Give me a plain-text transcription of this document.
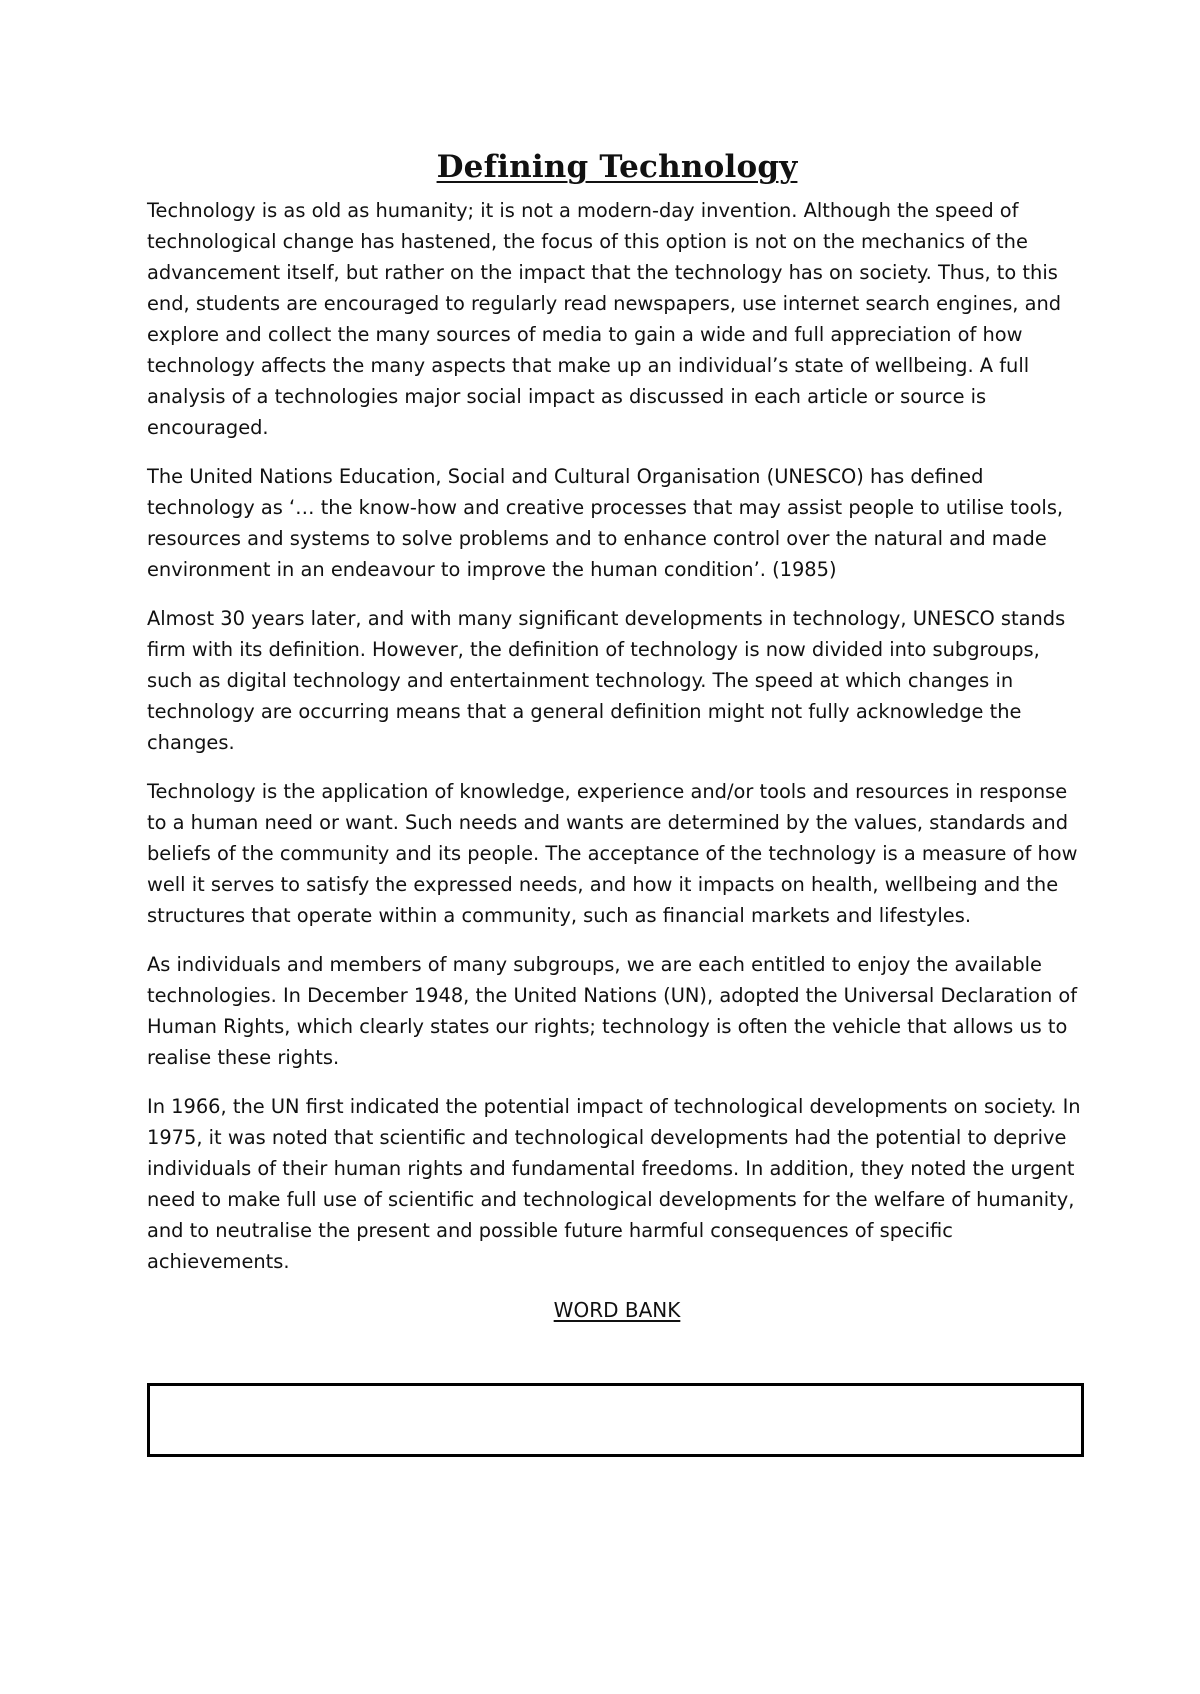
Defining Technology

Technology is as old as humanity; it is not a modern-day invention. Although the speed of technological change has hastened, the focus of this option is not on the mechanics of the advancement itself, but rather on the impact that the technology has on society. Thus, to this end, students are encouraged to regularly read newspapers, use internet search engines, and explore and collect the many sources of media to gain a wide and full appreciation of how technology affects the many aspects that make up an individual’s state of wellbeing. A full analysis of a technologies major social impact as discussed in each article or source is encouraged.

The United Nations Education, Social and Cultural Organisation (UNESCO) has defined technology as ‘… the know-how and creative processes that may assist people to utilise tools, resources and systems to solve problems and to enhance control over the natural and made environment in an endeavour to improve the human condition’. (1985)

Almost 30 years later, and with many significant developments in technology, UNESCO stands firm with its definition. However, the definition of technology is now divided into subgroups, such as digital technology and entertainment technology. The speed at which changes in technology are occurring means that a general definition might not fully acknowledge the changes.

Technology is the application of knowledge, experience and/or tools and resources in response to a human need or want. Such needs and wants are determined by the values, standards and beliefs of the community and its people. The acceptance of the technology is a measure of how well it serves to satisfy the expressed needs, and how it impacts on health, wellbeing and the structures that operate within a community, such as financial markets and lifestyles.

As individuals and members of many subgroups, we are each entitled to enjoy the available technologies. In December 1948, the United Nations (UN), adopted the Universal Declaration of Human Rights, which clearly states our rights; technology is often the vehicle that allows us to realise these rights.

In 1966, the UN first indicated the potential impact of technological developments on society. In 1975, it was noted that scientific and technological developments had the potential to deprive individuals of their human rights and fundamental freedoms. In addition, they noted the urgent need to make full use of scientific and technological developments for the welfare of humanity, and to neutralise the present and possible future harmful consequences of specific achievements.

WORD BANK
